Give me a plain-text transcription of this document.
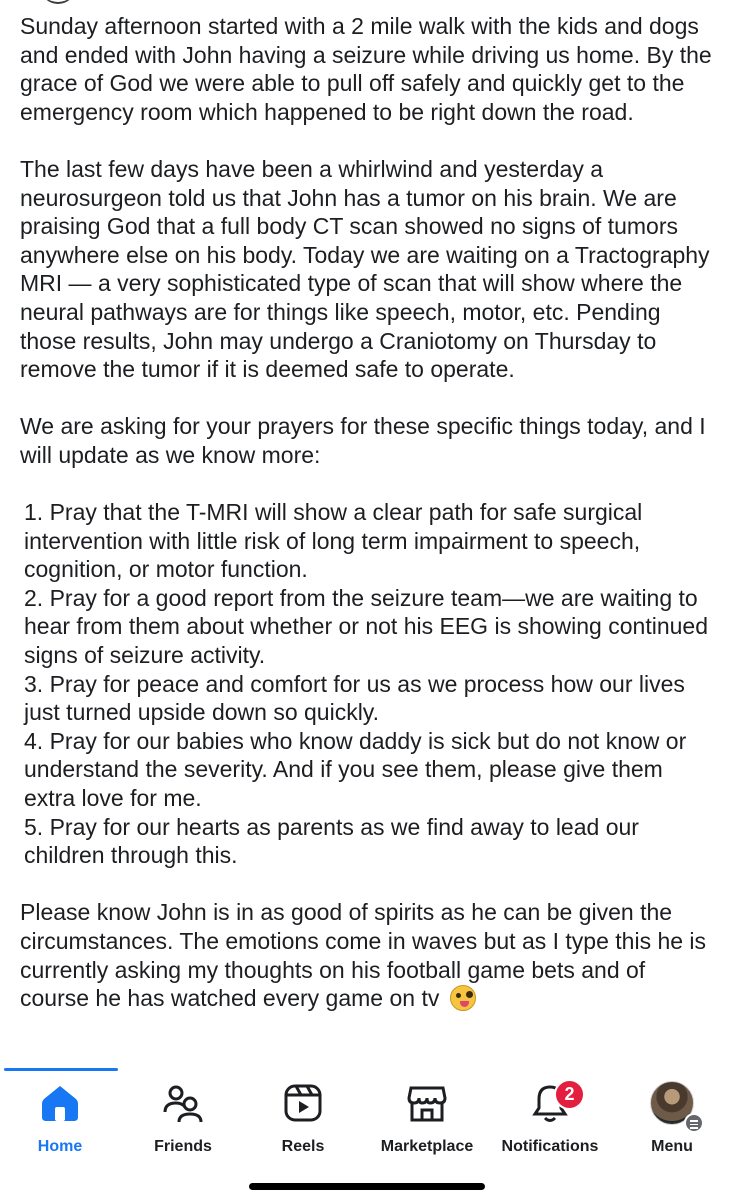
Sunday afternoon started with a 2 mile walk with the kids and dogs and ended with John having a seizure while driving us home. By the grace of God we were able to pull off safely and quickly get to the emergency room which happened to be right down the road.

The last few days have been a whirlwind and yesterday a neurosurgeon told us that John has a tumor on his brain. We are praising God that a full body CT scan showed no signs of tumors anywhere else on his body. Today we are waiting on a Tractography MRI — a very sophisticated type of scan that will show where the neural pathways are for things like speech, motor, etc. Pending those results, John may undergo a Craniotomy on Thursday to remove the tumor if it is deemed safe to operate.

We are asking for your prayers for these specific things today, and I will update as we know more:

1. Pray that the T-MRI will show a clear path for safe surgical intervention with little risk of long term impairment to speech, cognition, or motor function.

2. Pray for a good report from the seizure team—we are waiting to hear from them about whether or not his EEG is showing continued signs of seizure activity.

3. Pray for peace and comfort for us as we process how our lives just turned upside down so quickly.

4. Pray for our babies who know daddy is sick but do not know or understand the severity. And if you see them, please give them extra love for me.

5. Pray for our hearts as parents as we find away to lead our children through this.

Please know John is in as good of spirits as he can be given the circumstances. The emotions come in waves but as I type this he is currently asking my thoughts on his football game bets and of course he has watched every game on tv

Home	Friends	Reels	Marketplace Notifications
2
Menu
